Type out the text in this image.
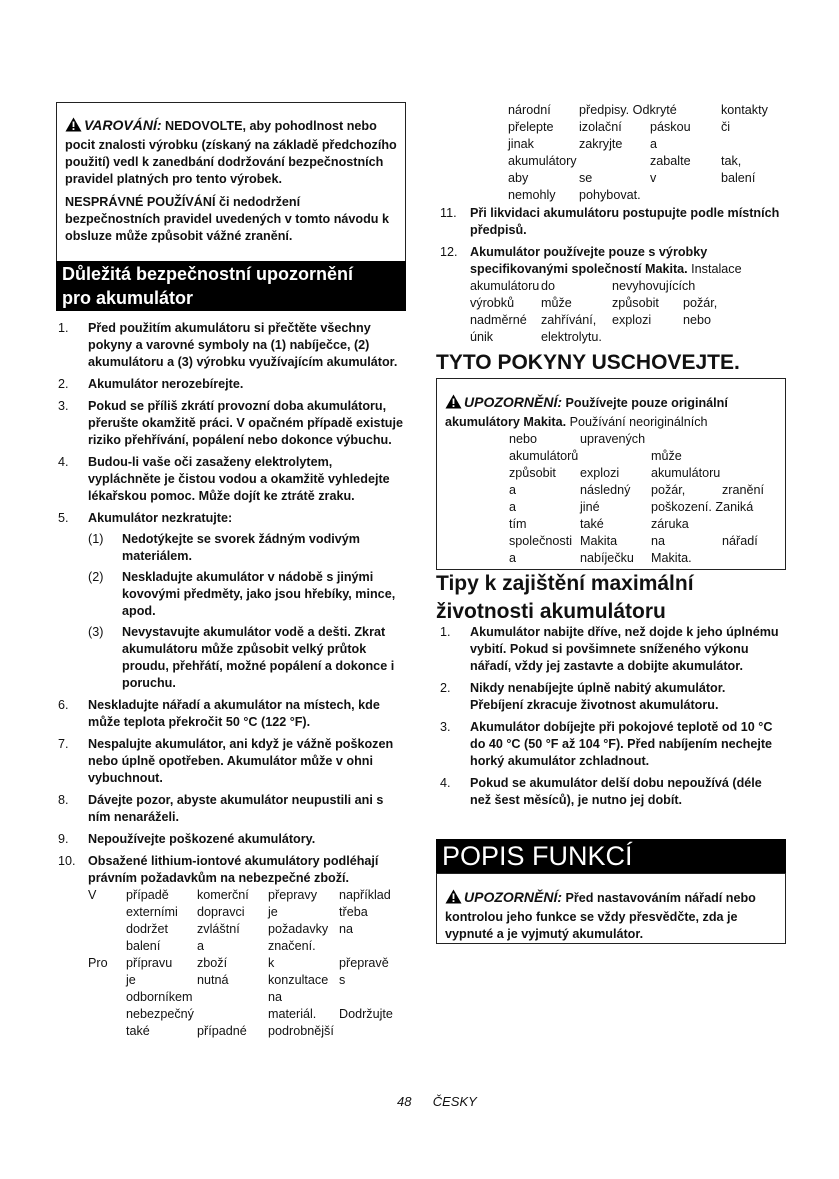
VAROVÁNÍ: NEDOVOLTE, aby pohodlnost nebo pocit znalosti výrobku (získaný na základě předchozího použití) vedl k zanedbání dodržování bezpečnostních pravidel platných pro tento výrobek.

NESPRÁVNÉ POUŽÍVÁNÍ či nedodržení bezpečnostních pravidel uvedených v tomto návodu k obsluze může způsobit vážné zranění.

Důležitá bezpečnostní upozornění
pro akumulátor
1. Před použitím akumulátoru si přečtěte všechny pokyny a varovné symboly na (1) nabíječce, (2) akumulátoru a (3) výrobku využívajícím akumulátor.
2. Akumulátor nerozebírejte.
3. Pokud se příliš zkrátí provozní doba akumulátoru, přerušte okamžitě práci. V opačném případě existuje riziko přehřívání, popálení nebo dokonce výbuchu.
4. Budou-li vaše oči zasaženy elektrolytem, vypláchněte je čistou vodou a okamžitě vyhledejte lékařskou pomoc. Může dojít ke ztrátě zraku.
5. Akumulátor nezkratujte:
(1) Nedotýkejte se svorek žádným vodivým materiálem.
(2) Neskladujte akumulátor v nádobě s jinými kovovými předměty, jako jsou hřebíky, mince, apod.
(3) Nevystavujte akumulátor vodě a dešti. Zkrat akumulátoru může způsobit velký průtok proudu, přehřátí, možné popálení a dokonce i poruchu.
6. Neskladujte nářadí a akumulátor na místech, kde může teplota překročit 50 °C (122 °F).
7. Nespalujte akumulátor, ani když je vážně poškozen nebo úplně opotřeben. Akumulátor může v ohni vybuchnout.
8. Dávejte pozor, abyste akumulátor neupustili ani s ním nenaráželi.
9. Nepoužívejte poškozené akumulátory.
10. Obsažené lithium-iontové akumulátory podléhají právním požadavkům na nebezpečné zboží.
V	případě	komerční	přepravy	například
externími	dopravci	je	třeba
dodržet	zvláštní	požadavky na
balení	a	značení.
Pro	přípravu	zboží	k	přepravě
je	nutná	konzultace s
odborníkem	na
nebezpečný	materiál.	Dodržujte
také	případné	podrobnější
národní	předpisy. Odkryté	kontakty
přelepte	izolační	páskou	či
jinak	zakryjte	a
akumulátory	zabalte	tak,
aby	se	v	balení
nemohly	pohybovat.
11. Při likvidaci akumulátoru postupujte podle místních předpisů.
12. Akumulátor používejte pouze s výrobky specifikovanými společností Makita. Instalace
akumulátoru do	nevyhovujících
výrobků	může	způsobit	požár,
nadměrné	zahřívání,	explozi	nebo
únik	elektrolytu.
TYTO POKYNY USCHOVEJTE.
UPOZORNĚNÍ: Používejte pouze originální
akumulátory Makita. Používání neoriginálních
nebo	upravených
akumulátorů	může
způsobit	explozi	akumulátoru
a	následný	požár,	zranění
a	jiné	poškození. Zaniká
tím	také	záruka
společnosti Makita	na	nářadí
a	nabíječku	Makita.
Tipy k zajištění maximální
životnosti akumulátoru
1. Akumulátor nabijte dříve, než dojde k jeho úplnému vybití. Pokud si povšimnete sníženého výkonu nářadí, vždy jej zastavte a dobijte akumulátor.
2. Nikdy nenabíjejte úplně nabitý akumulátor. Přebíjení zkracuje životnost akumulátoru.
3. Akumulátor dobíjejte při pokojové teplotě od 10 °C do 40 °C (50 °F až 104 °F). Před nabíjením nechejte horký akumulátor zchladnout.
4. Pokud se akumulátor delší dobu nepoužívá (déle než šest měsíců), je nutno jej dobít.
POPIS FUNKCÍ
UPOZORNĚNÍ: Před nastavováním nářadí nebo kontrolou jeho funkce se vždy přesvědčte, zda je vypnuté a je vyjmutý akumulátor.
48 ČESKY
